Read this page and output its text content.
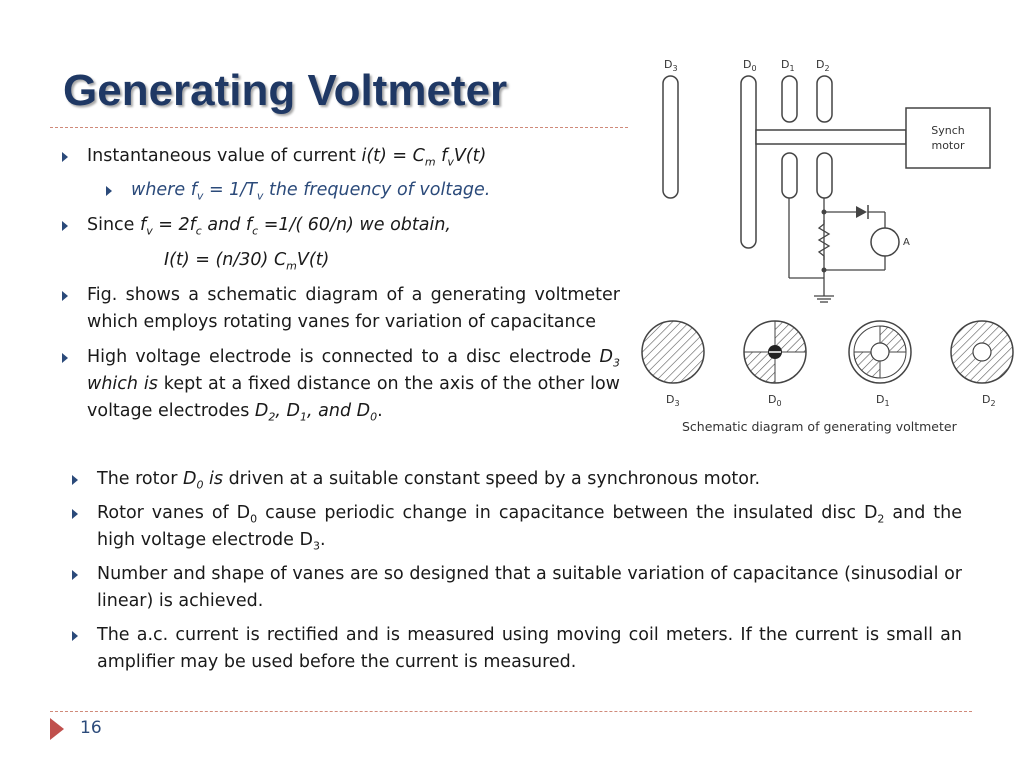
Generating Voltmeter
Instantaneous value of current $i(t) = C_m$ $f_vV(t)$
where $f_v = 1/T_v$ the frequency of voltage.
Since $f_v = 2f_c$ and $f_c =1/$( 60/n) we obtain,
I(t) = (n/30) $C_mV(t)$
Fig. shows a schematic diagram of a generating voltmeter which employs rotating vanes for variation of capacitance
High voltage electrode is connected to a disc electrode $D_3$ which is kept at a fixed distance on the axis of the other low voltage electrodes $D_2$, $D_1$, and $D_0$.
The rotor $D_0$ is driven at a suitable constant speed by a synchronous motor.
Rotor vanes of $D_0$ cause periodic change in capacitance between the insulated disc $D_2$ and the high voltage electrode $D_3$.
Number and shape of vanes are so designed that a suitable variation of capacitance (sinusodial or linear) is achieved.
The a.c. current is rectified and is measured using moving coil meters. If the current is small an amplifier may be used before the current is measured.
$D_3$	$D_0$ $D_1$ $D_2$
Synch
motor
A
$D_3$	$D_0$	$D_1$	$D_2$
Schematic diagram of generating voltmeter
16
